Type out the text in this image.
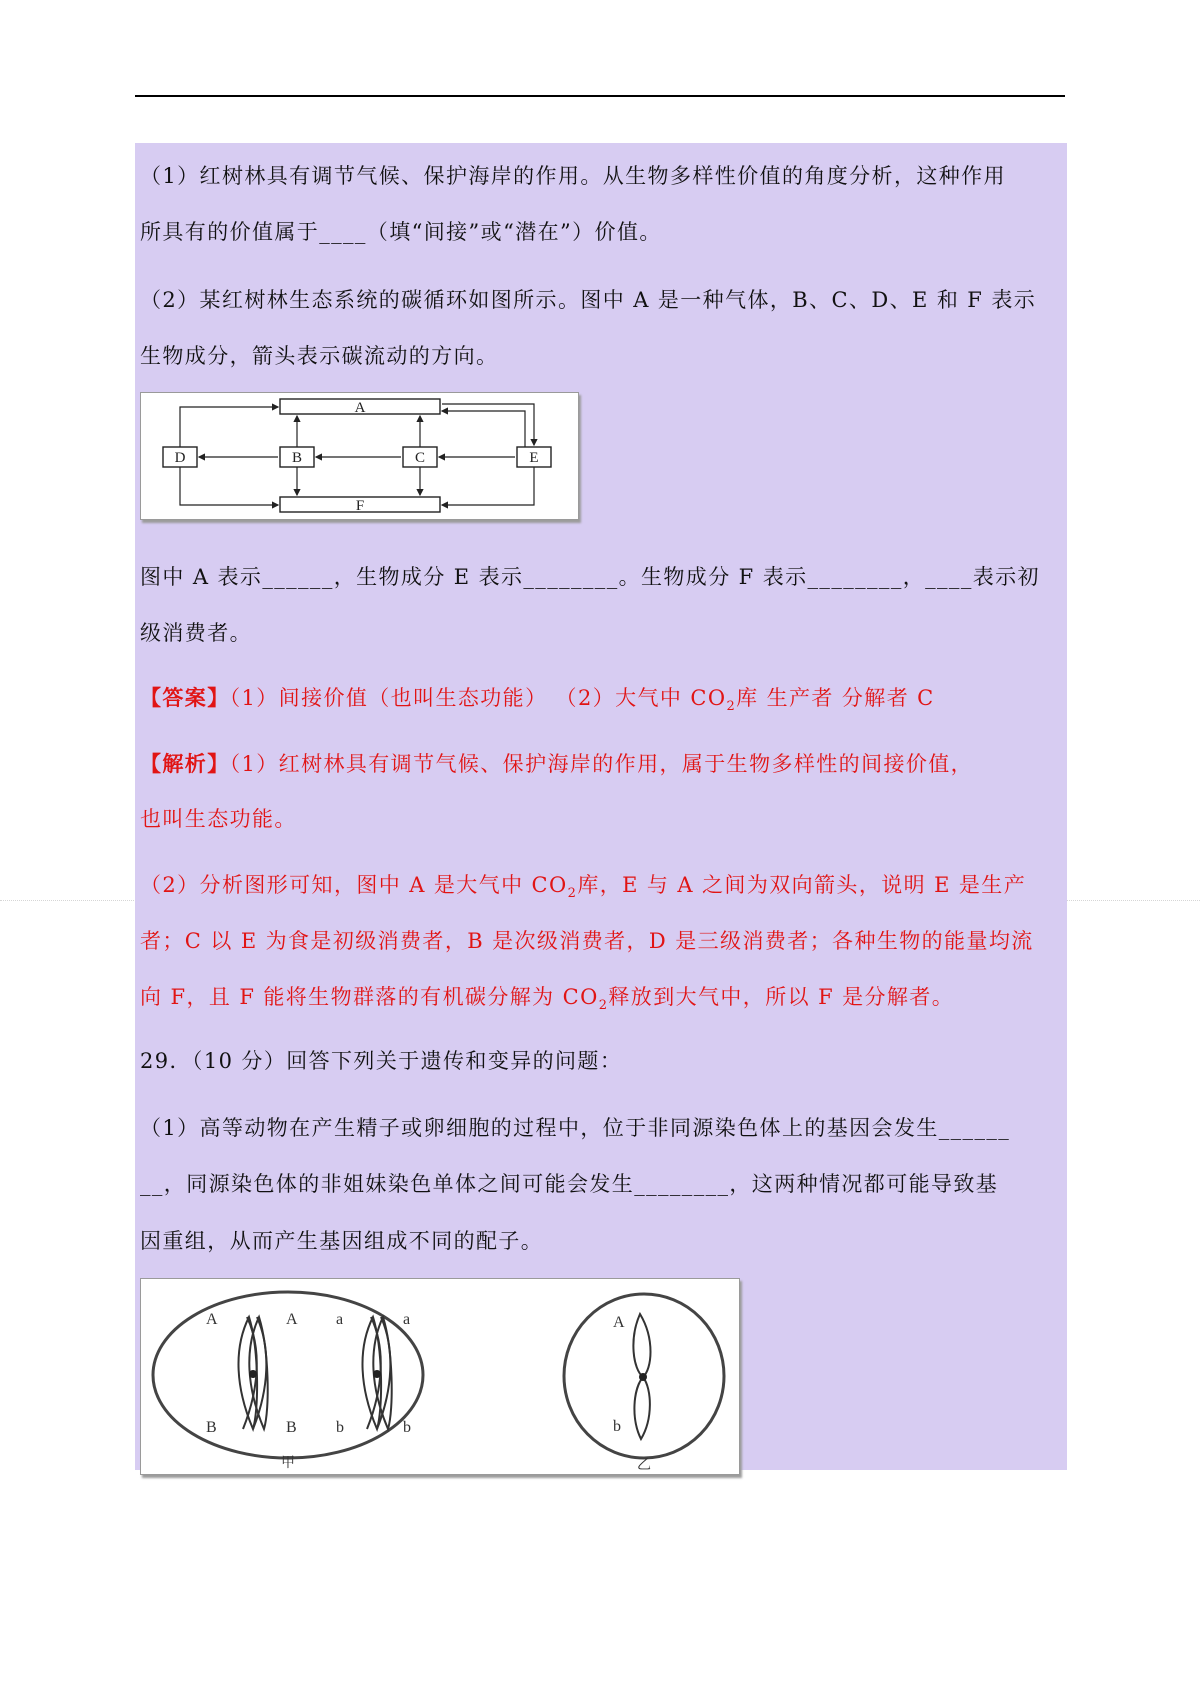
（1）红树林具有调节气候、保护海岸的作用。从生物多样性价值的角度分析，这种作用
所具有的价值属于____（填“间接”或“潜在”）价值。
（2）某红树林生态系统的碳循环如图所示。图中 A 是一种气体，B、C、D、E 和 F 表示
生物成分，箭头表示碳流动的方向。
A
F
D	B	C	E
图中 A 表示______，生物成分 E 表示________。生物成分 F 表示________，____表示初
级消费者。
【答案】（1）间接价值（也叫生态功能） （2）大气中 $CO_2$库 生产者 分解者 C
【解析】（1）红树林具有调节气候、保护海岸的作用，属于生物多样性的间接价值，
也叫生态功能。
（2）分析图形可知，图中 A 是大气中 $CO_2$库，E 与 A 之间为双向箭头，说明 E 是生产
者；C 以 E 为食是初级消费者，B 是次级消费者，D 是三级消费者；各种生物的能量均流
向 F，且 F 能将生物群落的有机碳分解为 $CO_2$释放到大气中，所以 F 是分解者。
29．（10 分）回答下列关于遗传和变异的问题：
（1）高等动物在产生精子或卵细胞的过程中，位于非同源染色体上的基因会发生______
__，同源染色体的非姐妹染色单体之间可能会发生________，这两种情况都可能导致基
因重组，从而产生基因组成不同的配子。
A	A a	a
B	B b	b
甲
A
b
乙
